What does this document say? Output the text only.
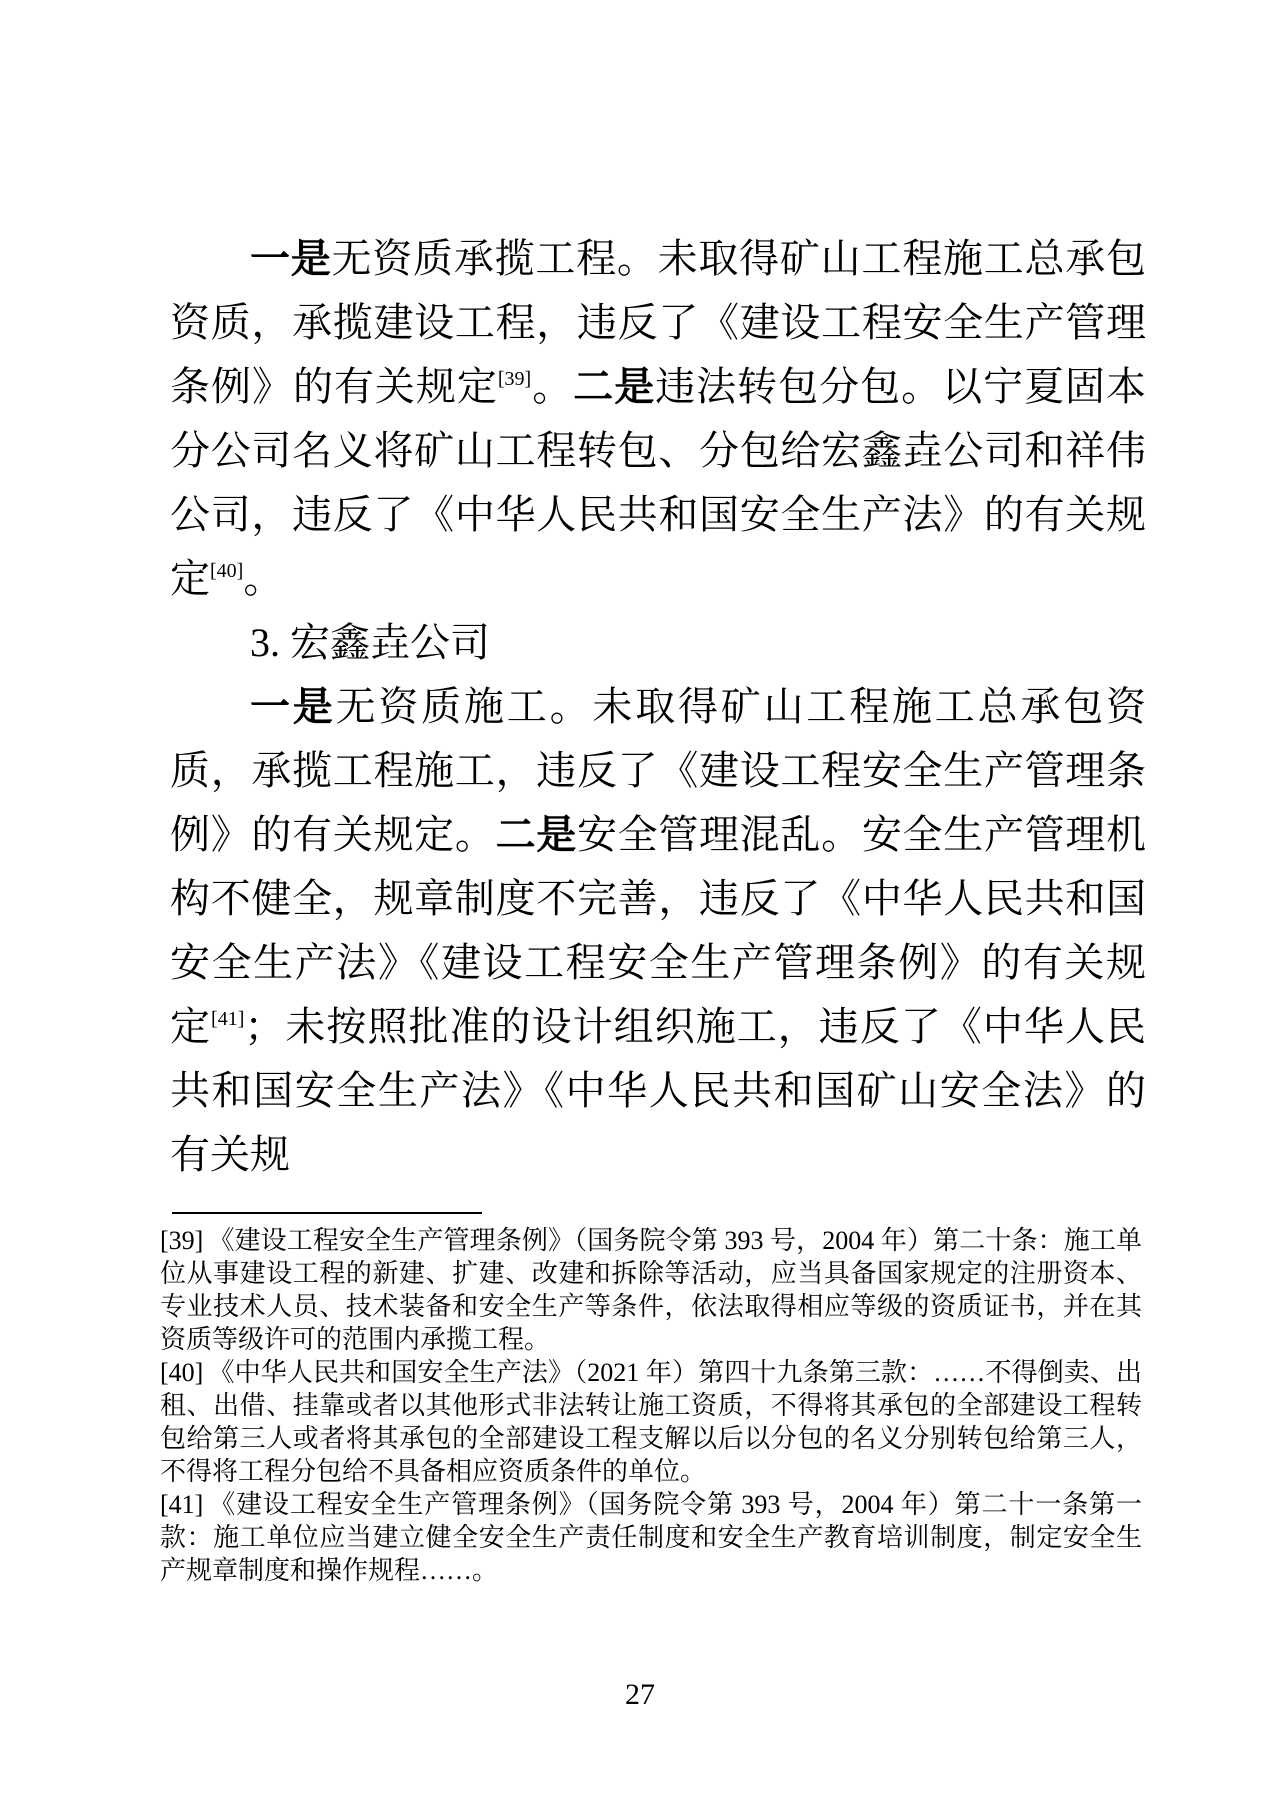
一是无资质承揽工程。未取得矿山工程施工总承包资质，承揽建设工程，违反了《建设工程安全生产管理条例》的有关规定[39]。二是违法转包分包。以宁夏固本分公司名义将矿山工程转包、分包给宏鑫垚公司和祥伟公司，违反了《中华人民共和国安全生产法》的有关规定[40]。

3. 宏鑫垚公司

一是无资质施工。未取得矿山工程施工总承包资质，承揽工程施工，违反了《建设工程安全生产管理条例》的有关规定。二是安全管理混乱。安全生产管理机构不健全，规章制度不完善，违反了《中华人民共和国安全生产法》《建设工程安全生产管理条例》的有关规定[41]；未按照批准的设计组织施工，违反了《中华人民共和国安全生产法》《中华人民共和国矿山安全法》的有关规

[39] 《建设工程安全生产管理条例》（国务院令第 393 号，2004 年）第二十条：施工单位从事建设工程的新建、扩建、改建和拆除等活动，应当具备国家规定的注册资本、专业技术人员、技术装备和安全生产等条件，依法取得相应等级的资质证书，并在其资质等级许可的范围内承揽工程。

[40] 《中华人民共和国安全生产法》（2021 年）第四十九条第三款：……不得倒卖、出租、出借、挂靠或者以其他形式非法转让施工资质，不得将其承包的全部建设工程转包给第三人或者将其承包的全部建设工程支解以后以分包的名义分别转包给第三人，不得将工程分包给不具备相应资质条件的单位。

[41] 《建设工程安全生产管理条例》（国务院令第 393 号，2004 年）第二十一条第一款：施工单位应当建立健全安全生产责任制度和安全生产教育培训制度，制定安全生产规章制度和操作规程……。

27
